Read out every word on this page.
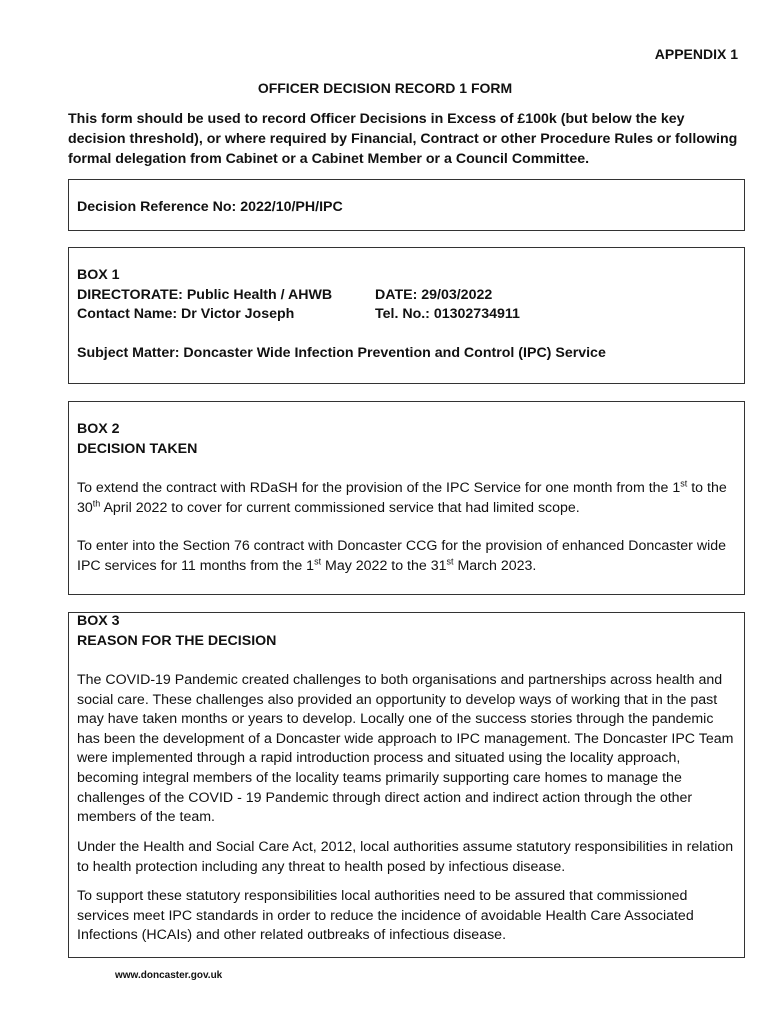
APPENDIX 1
OFFICER DECISION RECORD 1 FORM

This form should be used to record Officer Decisions in Excess of £100k (but below the key decision threshold), or where required by Financial, Contract or other Procedure Rules or following formal delegation from Cabinet or a Cabinet Member or a Council Committee.

Decision Reference No: 2022/10/PH/IPC
BOX 1
DIRECTORATE: Public Health / AHWB	DATE: 29/03/2022
Contact Name: Dr Victor Joseph	Tel. No.: 01302734911
Subject Matter: Doncaster Wide Infection Prevention and Control (IPC) Service
BOX 2
DECISION TAKEN

To extend the contract with RDaSH for the provision of the IPC Service for one month from the 1st to the 30th April 2022 to cover for current commissioned service that had limited scope.

To enter into the Section 76 contract with Doncaster CCG for the provision of enhanced Doncaster wide IPC services for 11 months from the 1st May 2022 to the 31st March 2023.

BOX 3
REASON FOR THE DECISION

The COVID-19 Pandemic created challenges to both organisations and partnerships across health and social care. These challenges also provided an opportunity to develop ways of working that in the past may have taken months or years to develop. Locally one of the success stories through the pandemic has been the development of a Doncaster wide approach to IPC management. The Doncaster IPC Team were implemented through a rapid introduction process and situated using the locality approach, becoming integral members of the locality teams primarily supporting care homes to manage the challenges of the COVID - 19 Pandemic through direct action and indirect action through the other members of the team.

Under the Health and Social Care Act, 2012, local authorities assume statutory responsibilities in relation to health protection including any threat to health posed by infectious disease.

To support these statutory responsibilities local authorities need to be assured that commissioned services meet IPC standards in order to reduce the incidence of avoidable Health Care Associated Infections (HCAIs) and other related outbreaks of infectious disease.

www.doncaster.gov.uk
